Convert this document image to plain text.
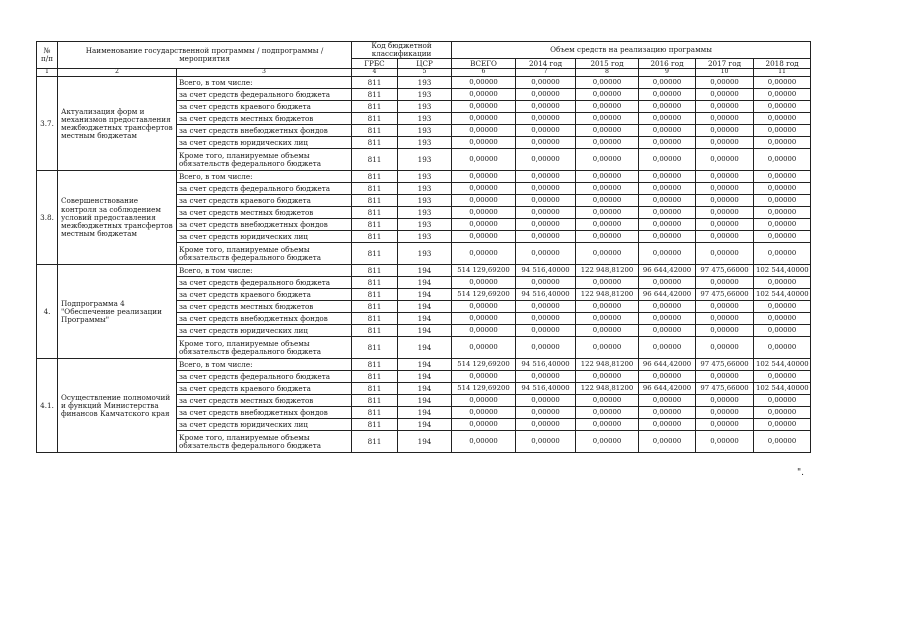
№ п/п	Наименование государственной программы / подпрограммы / мероприятия		Код бюджетной классификации		Объем средств на реализацию программы					
			ГРБС	ЦСР	ВСЕГО	2014 год	2015 год	2016 год	2017 год	2018 год
1	2	3	4	5	6	7	8	9	10	11
3.7.	Актуализация форм и механизмов предоставления межбюджетных трансфертов местным бюджетам	Всего, в том числе:	811	193	0,00000	0,00000	0,00000	0,00000	0,00000	0,00000
		за счет средств федерального бюджета	811	193	0,00000	0,00000	0,00000	0,00000	0,00000	0,00000
		за счет средств краевого бюджета	811	193	0,00000	0,00000	0,00000	0,00000	0,00000	0,00000
		за счет средств местных бюджетов	811	193	0,00000	0,00000	0,00000	0,00000	0,00000	0,00000
		за счет средств внебюджетных фондов	811	193	0,00000	0,00000	0,00000	0,00000	0,00000	0,00000
		за счет средств юридических лиц	811	193	0,00000	0,00000	0,00000	0,00000	0,00000	0,00000
		Кроме того, планируемые объемы обязательств федерального бюджета	811	193	0,00000	0,00000	0,00000	0,00000	0,00000	0,00000
3.8.	Совершенствование контроля за соблюдением условий предоставления межбюджетных трансфертов местным бюджетам	Всего, в том числе:	811	193	0,00000	0,00000	0,00000	0,00000	0,00000	0,00000
		за счет средств федерального бюджета	811	193	0,00000	0,00000	0,00000	0,00000	0,00000	0,00000
		за счет средств краевого бюджета	811	193	0,00000	0,00000	0,00000	0,00000	0,00000	0,00000
		за счет средств местных бюджетов	811	193	0,00000	0,00000	0,00000	0,00000	0,00000	0,00000
		за счет средств внебюджетных фондов	811	193	0,00000	0,00000	0,00000	0,00000	0,00000	0,00000
		за счет средств юридических лиц	811	193	0,00000	0,00000	0,00000	0,00000	0,00000	0,00000
		Кроме того, планируемые объемы обязательств федерального бюджета	811	193	0,00000	0,00000	0,00000	0,00000	0,00000	0,00000
4.	Подпрограмма 4 "Обеспечение реализации Программы"	Всего, в том числе:	811	194	514 129,69200	94 516,40000	122 948,81200	96 644,42000	97 475,66000	102 544,40000
		за счет средств федерального бюджета	811	194	0,00000	0,00000	0,00000	0,00000	0,00000	0,00000
		за счет средств краевого бюджета	811	194	514 129,69200	94 516,40000	122 948,81200	96 644,42000	97 475,66000	102 544,40000
		за счет средств местных бюджетов	811	194	0,00000	0,00000	0,00000	0,00000	0,00000	0,00000
		за счет средств внебюджетных фондов	811	194	0,00000	0,00000	0,00000	0,00000	0,00000	0,00000
		за счет средств юридических лиц	811	194	0,00000	0,00000	0,00000	0,00000	0,00000	0,00000
		Кроме того, планируемые объемы обязательств федерального бюджета	811	194	0,00000	0,00000	0,00000	0,00000	0,00000	0,00000
4.1.	Осуществление полномочий и функций Министерства финансов Камчатского края	Всего, в том числе:	811	194	514 129,69200	94 516,40000	122 948,81200	96 644,42000	97 475,66000	102 544,40000
		за счет средств федерального бюджета	811	194	0,00000	0,00000	0,00000	0,00000	0,00000	0,00000
		за счет средств краевого бюджета	811	194	514 129,69200	94 516,40000	122 948,81200	96 644,42000	97 475,66000	102 544,40000
		за счет средств местных бюджетов	811	194	0,00000	0,00000	0,00000	0,00000	0,00000	0,00000
		за счет средств внебюджетных фондов	811	194	0,00000	0,00000	0,00000	0,00000	0,00000	0,00000
		за счет средств юридических лиц	811	194	0,00000	0,00000	0,00000	0,00000	0,00000	0,00000
		Кроме того, планируемые объемы обязательств федерального бюджета	811	194	0,00000	0,00000	0,00000	0,00000	0,00000	0,00000
".
